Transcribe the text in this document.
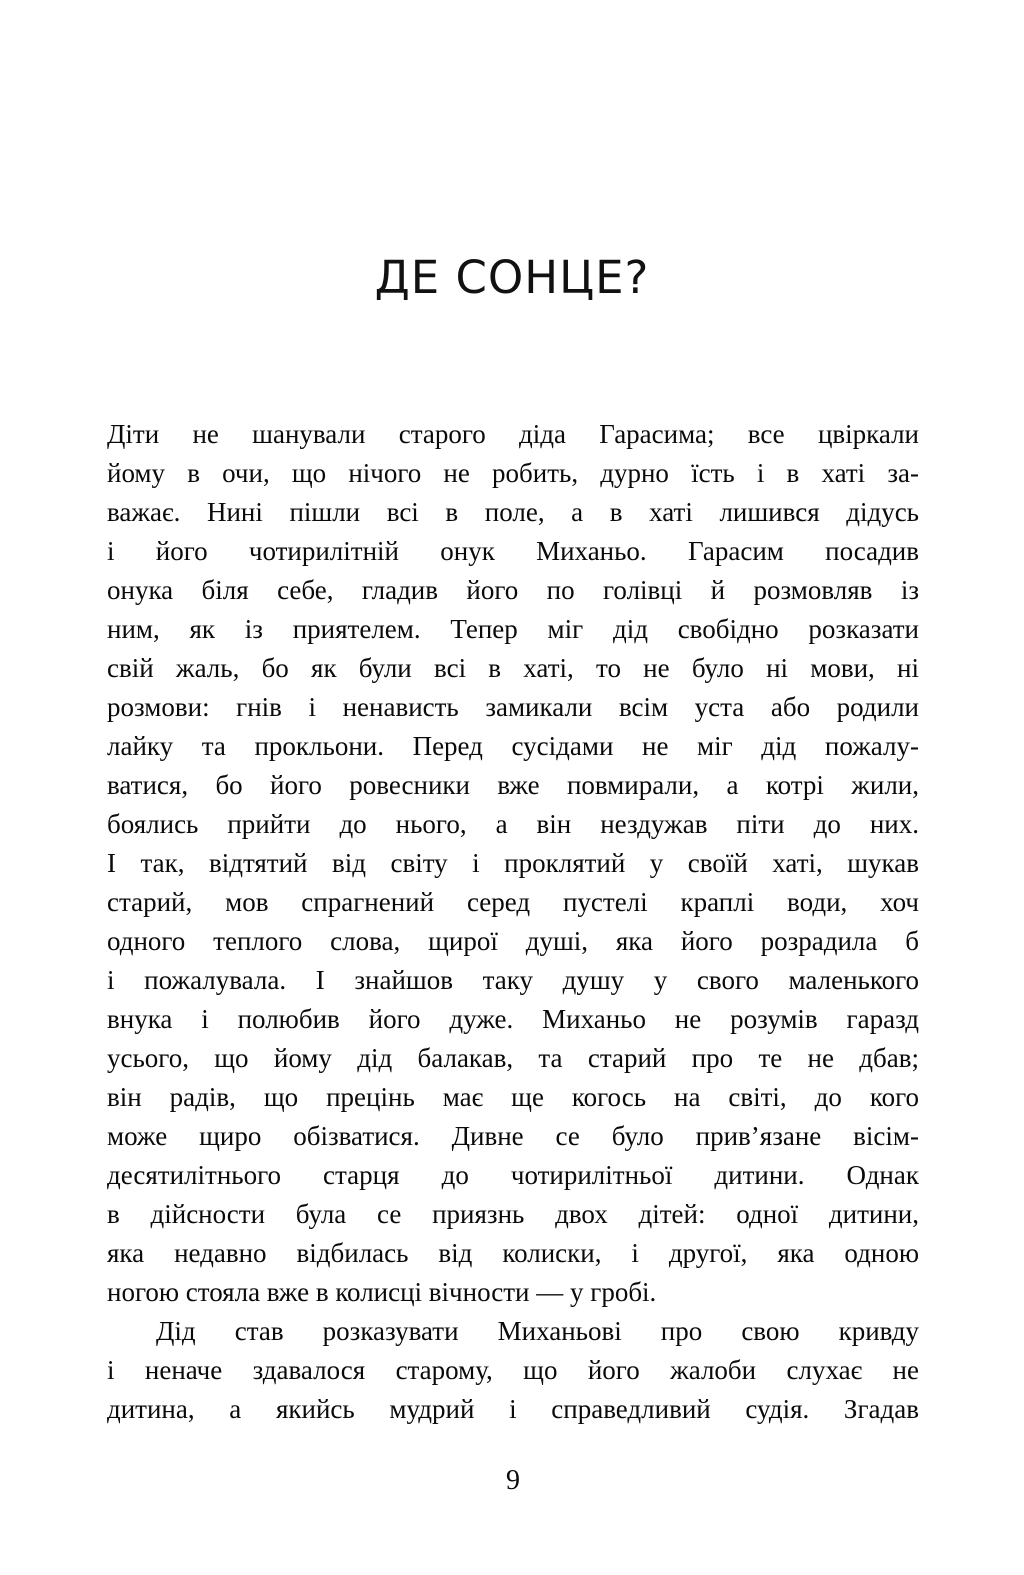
ДЕ СОНЦЕ?
Діти не шанували старого діда Гарасима; все цвіркали
йому в очи, що нічого не робить, дурно їсть і в хаті за-
важає. Нині пішли всі в поле, а в хаті лишився дідусь
і його чотирилітній онук Миханьо. Гарасим посадив
онука біля себе, гладив його по голівці й розмовляв із
ним, як із приятелем. Тепер міг дід свобідно розказати
свій жаль, бо як були всі в хаті, то не було ні мови, ні
розмови: гнів і ненависть замикали всім уста або родили
лайку та прокльони. Перед сусідами не міг дід пожалу-
ватися, бо його ровесники вже повмирали, а котрі жили,
боялись прийти до нього, а він нездужав піти до них.
І так, відтятий від світу і проклятий у своїй хаті, шукав
старий, мов спрагнений серед пустелі краплі води, хоч
одного теплого слова, щирої душі, яка його розрадила б
і пожалувала. І знайшов таку душу у свого маленького
внука і полюбив його дуже. Миханьо не розумів гаразд
усього, що йому дід балакав, та старий про те не дбав;
він радів, що прецінь має ще когось на світі, до кого
може щиро обізватися. Дивне се було прив’язане вісім-
десятилітнього старця до чотирилітньої дитини. Однак
в дійсности була се приязнь двох дітей: одної дитини,
яка недавно відбилась від колиски, і другої, яка одною
ногою стояла вже в колисці вічности — у гробі.
Дід став розказувати Миханьові про свою кривду
і неначе здавалося старому, що його жалоби слухає не
дитина, а якийсь мудрий і справедливий судія. Згадав
9
